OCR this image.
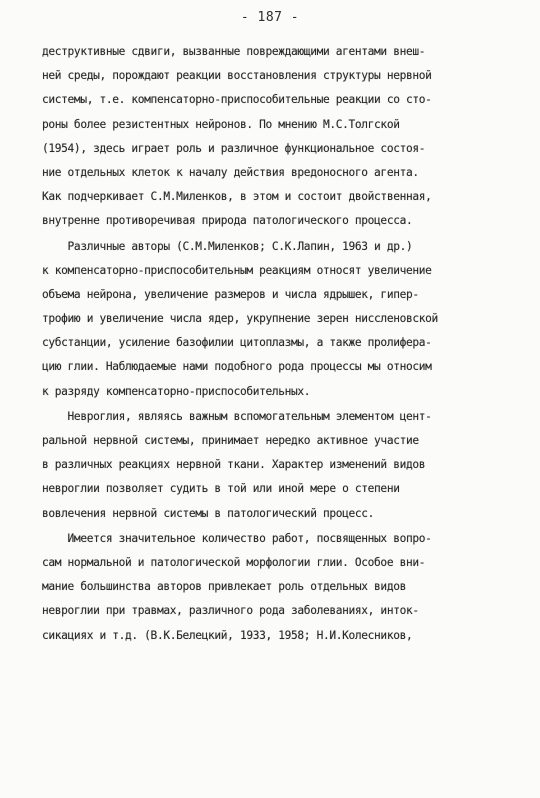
- 187 -
деструктивные сдвиги, вызванные повреждающими агентами внеш-
ней среды, порождают реакции восстановления структуры нервной
системы, т.е. компенсаторно-приспособительные реакции со сто-
роны более резистентных нейронов. По мнению М.С.Толгской
(1954), здесь играет роль и различное функциональное состоя-
ние отдельных клеток к началу действия вредоносного агента.
Как подчеркивает С.М.Миленков, в этом и состоит двойственная,
внутренне противоречивая природа патологического процесса.
Различные авторы (С.М.Миленков; С.К.Лапин, 1963 и др.)
к компенсаторно-приспособительным реакциям относят увеличение
объема нейрона, увеличение размеров и числа ядрышек, гипер-
трофию и увеличение числа ядер, укрупнение зерен ниссленовской
субстанции, усиление базофилии цитоплазмы, а также пролифера-
цию глии. Наблюдаемые нами подобного рода процессы мы относим
к разряду компенсаторно-приспособительных.
Невроглия, являясь важным вспомогательным элементом цент-
ральной нервной системы, принимает нередко активное участие
в различных реакциях нервной ткани. Характер изменений видов
невроглии позволяет судить в той или иной мере о степени
вовлечения нервной системы в патологический процесс.
Имеется значительное количество работ, посвященных вопро-
сам нормальной и патологической морфологии глии. Особое вни-
мание большинства авторов привлекает роль отдельных видов
невроглии при травмах, различного рода заболеваниях, инток-
сикациях и т.д. (В.К.Белецкий, 1933, 1958; Н.И.Колесников,
